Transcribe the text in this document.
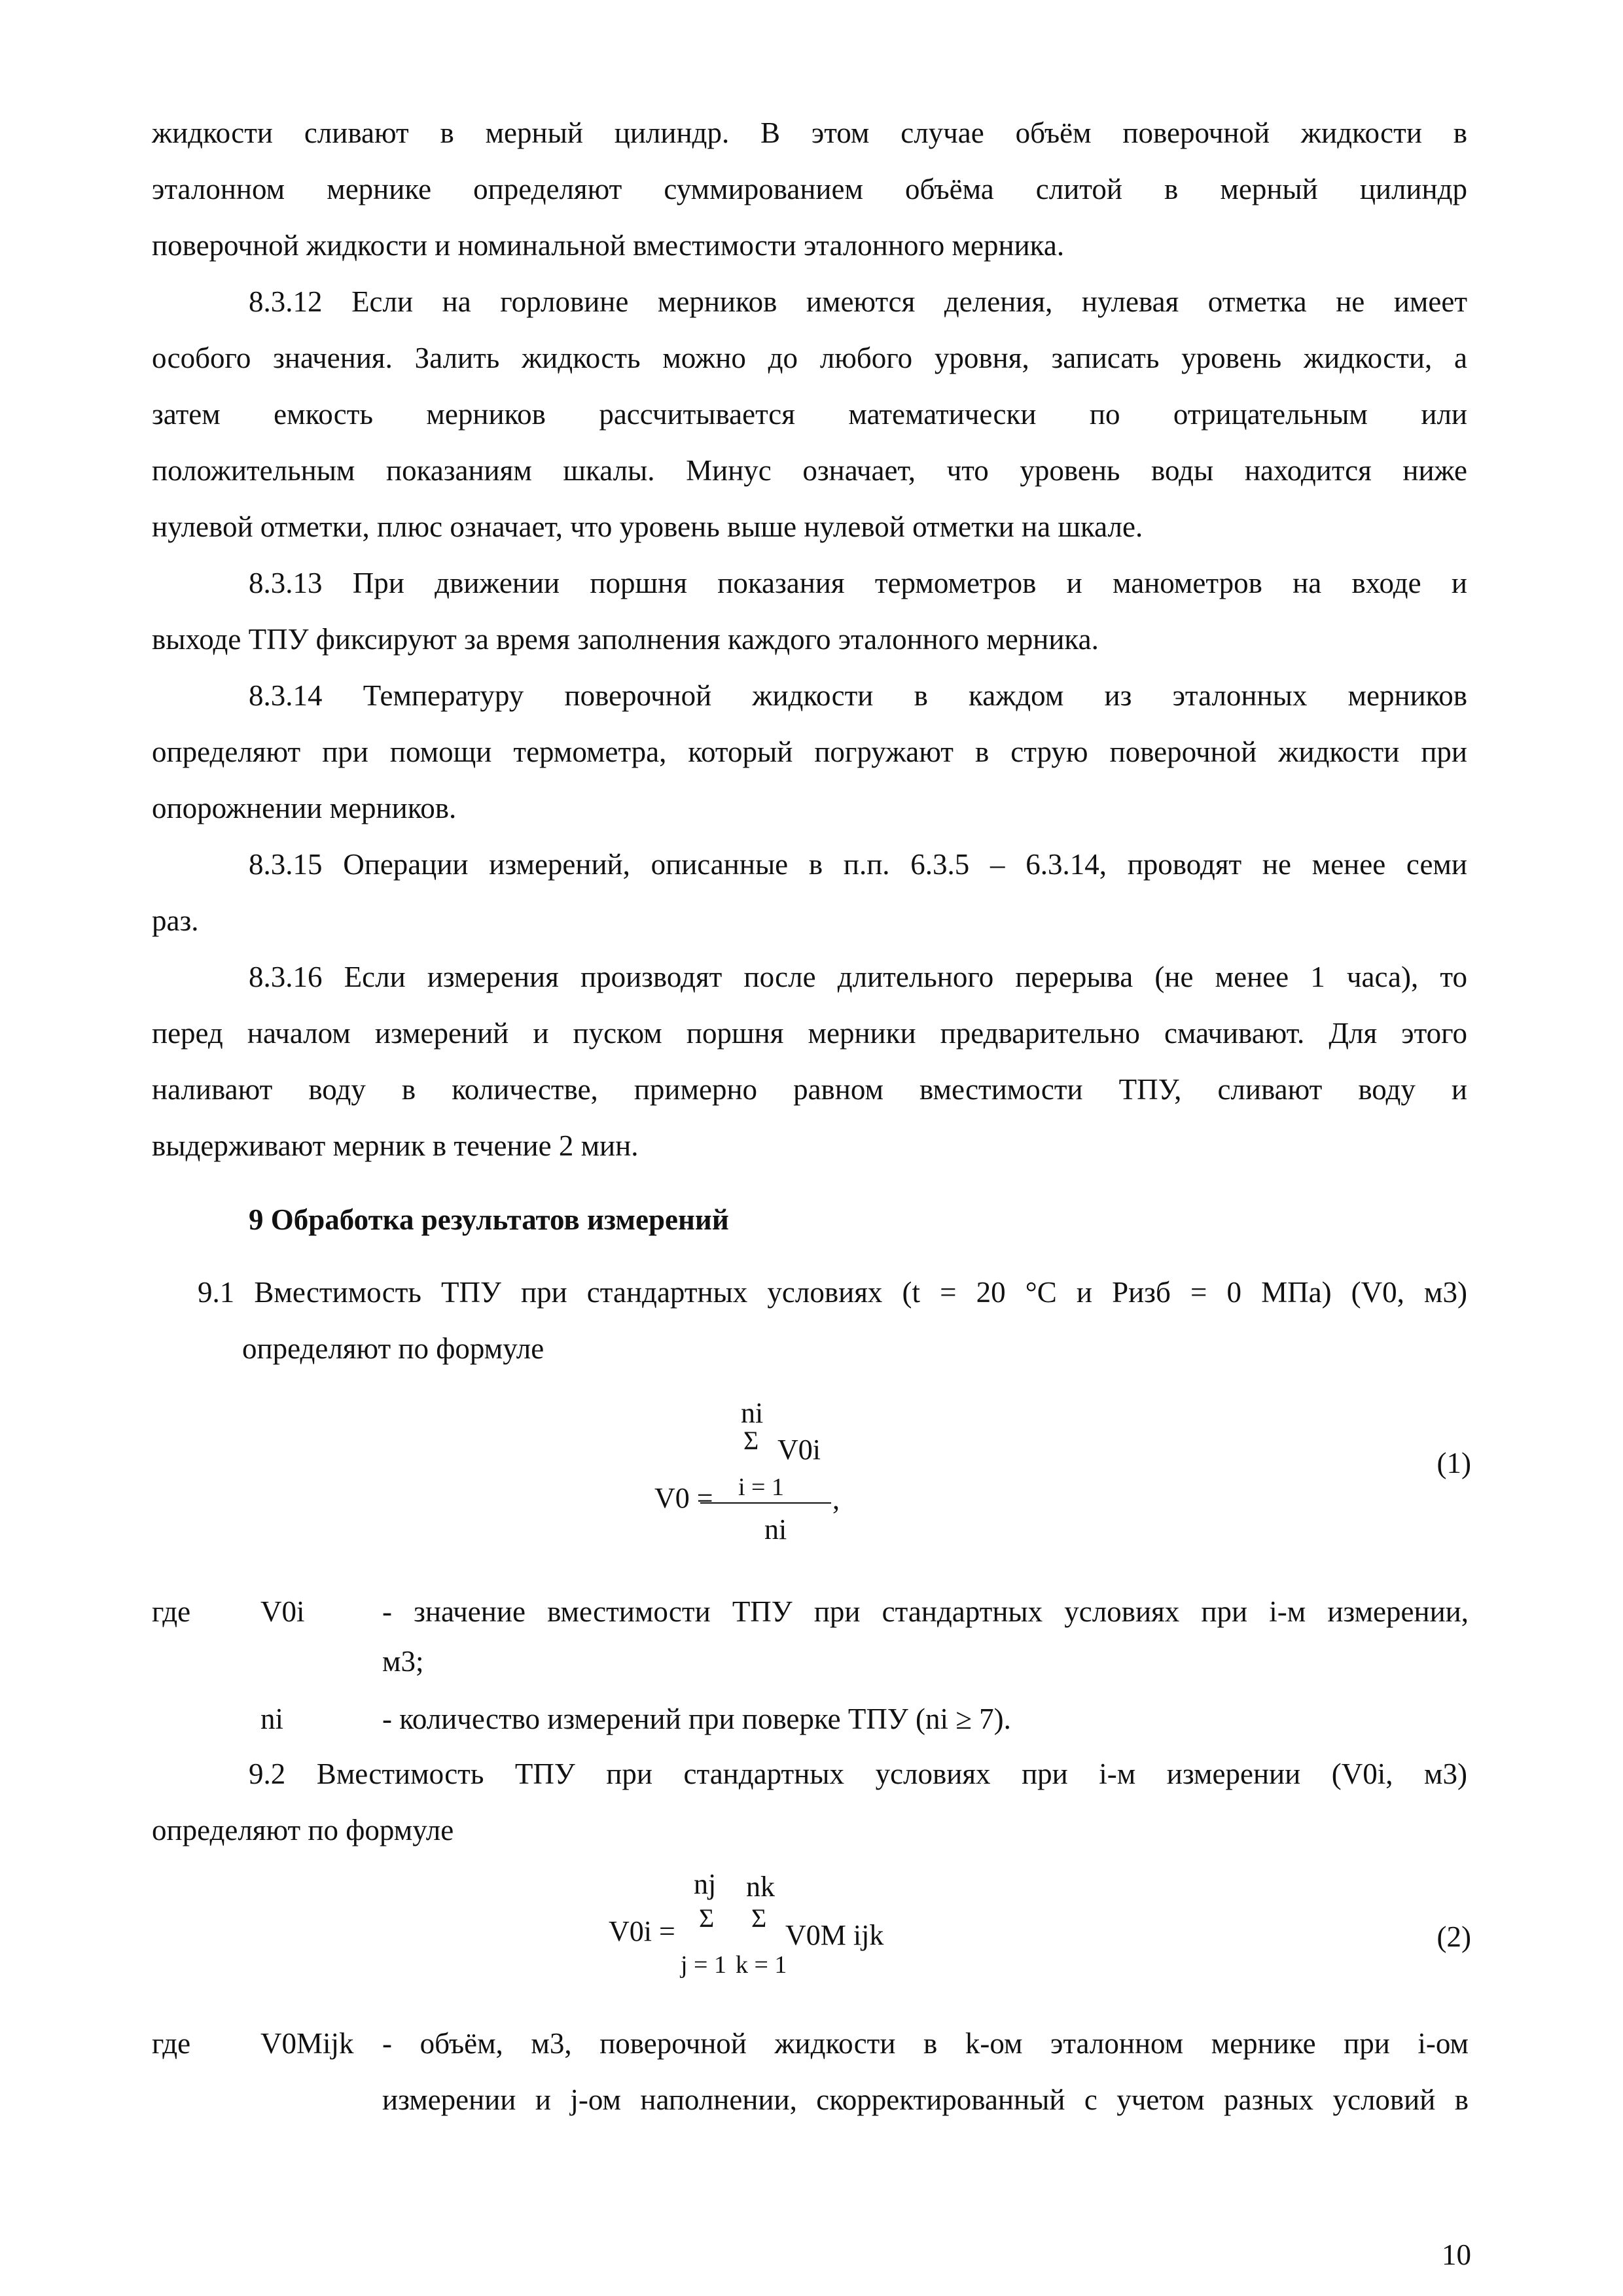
жидкости сливают в мерный цилиндр. В этом случае объём поверочной жидкости в
эталонном мернике определяют суммированием объёма слитой в мерный цилиндр
поверочной жидкости и номинальной вместимости эталонного мерника.
8.3.12 Если на горловине мерников имеются деления, нулевая отметка не имеет
особого значения. Залить жидкость можно до любого уровня, записать уровень жидкости, а
затем емкость мерников рассчитывается математически по отрицательным или
положительным показаниям шкалы. Минус означает, что уровень воды находится ниже
нулевой отметки, плюс означает, что уровень выше нулевой отметки на шкале.
8.3.13 При движении поршня показания термометров и манометров на входе и
выходе ТПУ фиксируют за время заполнения каждого эталонного мерника.
8.3.14 Температуру поверочной жидкости в каждом из эталонных мерников
определяют при помощи термометра, который погружают в струю поверочной жидкости при
опорожнении мерников.
8.3.15 Операции измерений, описанные в п.п. 6.3.5 – 6.3.14, проводят не менее семи
раз.
8.3.16 Если измерения производят после длительного перерыва (не менее 1 часа), то
перед началом измерений и пуском поршня мерники предварительно смачивают. Для этого
наливают воду в количестве, примерно равном вместимости ТПУ, сливают воду и
выдерживают мерник в течение 2 мин.
9 Обработка результатов измерений
9.1 Вместимость ТПУ при стандартных условиях (t = 20 °С и Pизб = 0 МПа) (V0, м3)
определяют по формуле
ni
Σ V0i
i = 1
V0 =	,
ni
(1)
где V0i	- значение вместимости ТПУ при стандартных условиях при i-м измерении,
м3;
ni	- количество измерений при поверке ТПУ (ni ≥ 7).
9.2 Вместимость ТПУ при стандартных условиях при i-м измерении (V0i, м3)
определяют по формуле
nj nk
V0i = Σ Σ
V0M ijk
j = 1 k = 1
(2)
где V0Mijk - объём, м3, поверочной жидкости в k-ом эталонном мернике при i-ом
измерении и j-ом наполнении, скорректированный с учетом разных условий в
10
